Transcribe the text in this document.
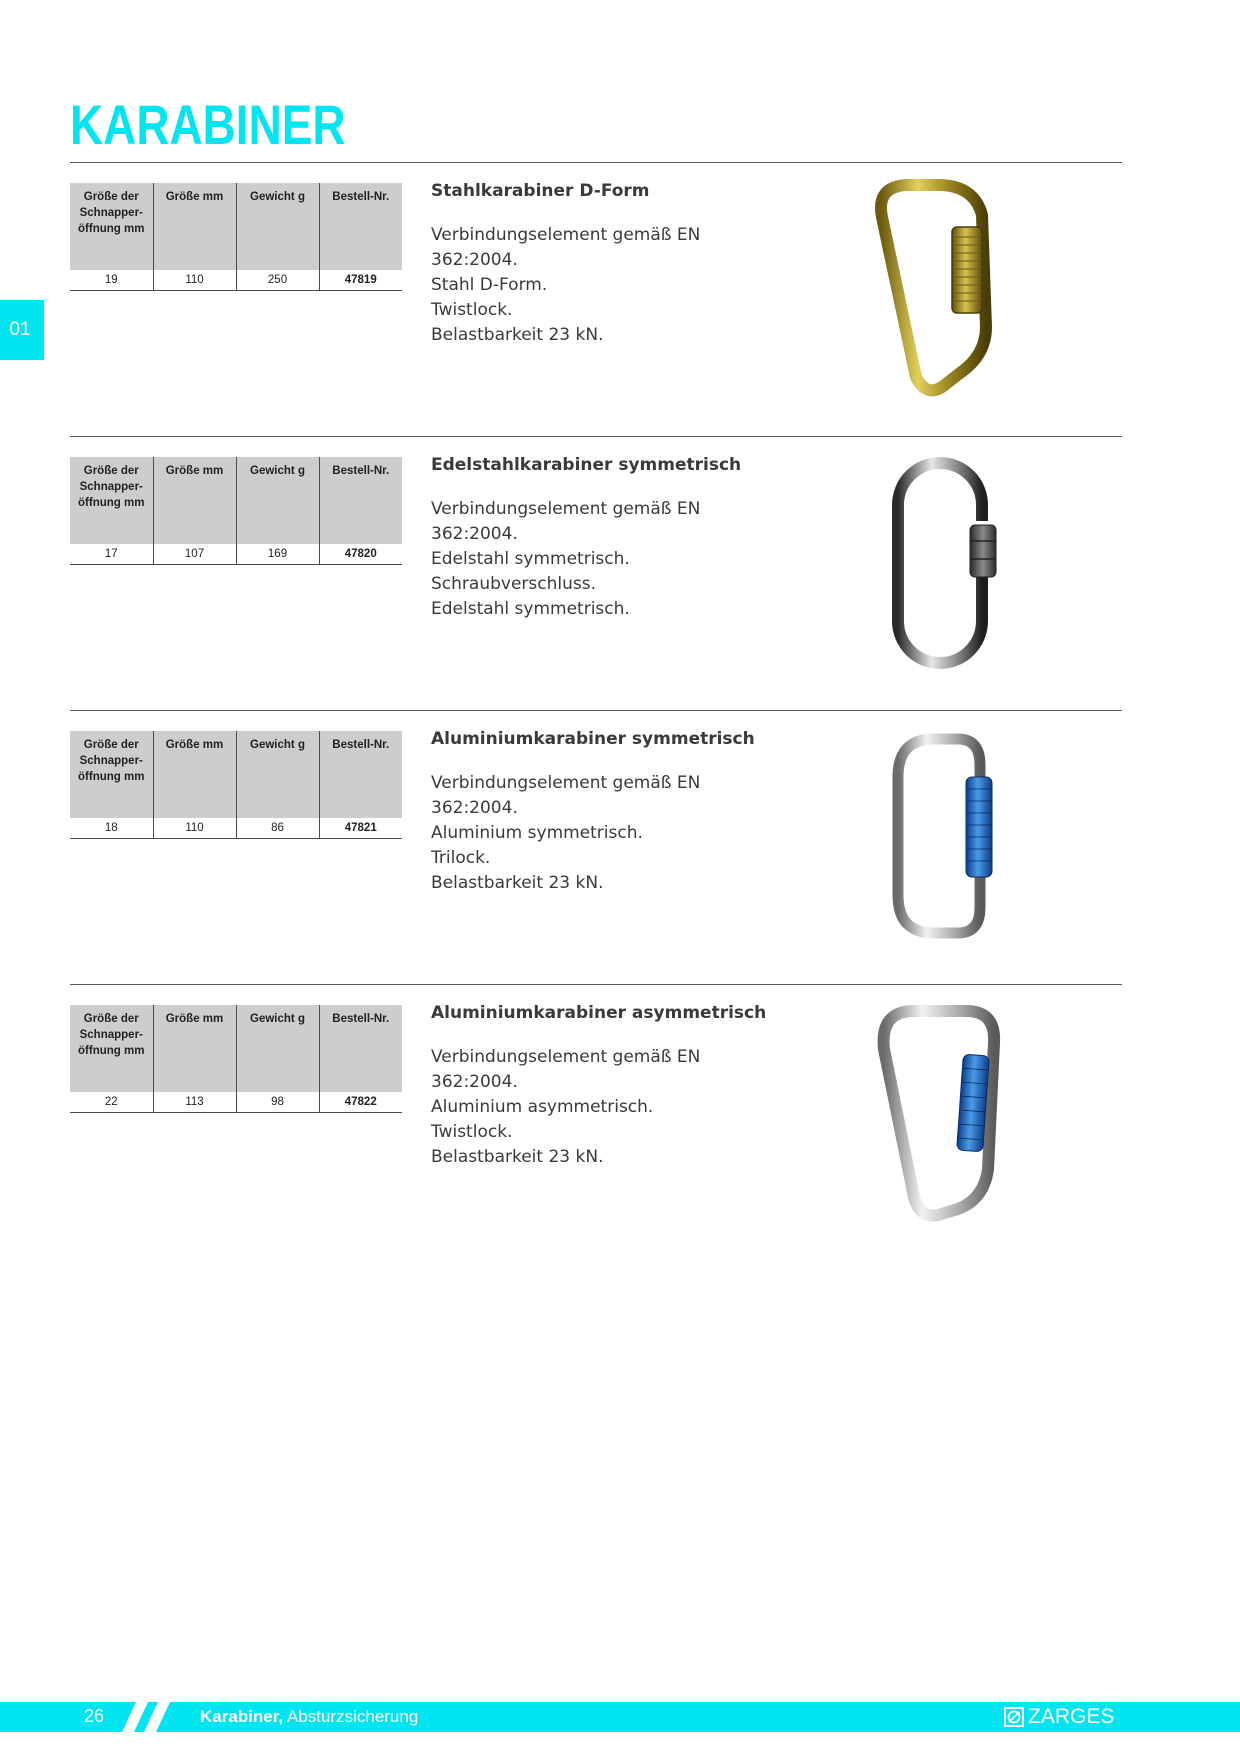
KARABINER
01
Größe der Schnapper-öffnung mm	Größe mm	Gewicht g	Bestell-Nr.
19	110	250	47819
Stahlkarabiner D-Form
Verbindungselement gemäß EN
362:2004.
Stahl D-Form.
Twistlock.
Belastbarkeit 23 kN.
Größe der Schnapper-öffnung mm	Größe mm	Gewicht g	Bestell-Nr.
17	107	169	47820
Edelstahlkarabiner symmetrisch
Verbindungselement gemäß EN
362:2004.
Edelstahl symmetrisch.
Schraubverschluss.
Edelstahl symmetrisch.
Größe der Schnapper-öffnung mm	Größe mm	Gewicht g	Bestell-Nr.
18	110	86	47821
Aluminiumkarabiner symmetrisch
Verbindungselement gemäß EN
362:2004.
Aluminium symmetrisch.
Trilock.
Belastbarkeit 23 kN.
Größe der Schnapper-öffnung mm	Größe mm	Gewicht g	Bestell-Nr.
22	113	98	47822
Aluminiumkarabiner asymmetrisch
Verbindungselement gemäß EN
362:2004.
Aluminium asymmetrisch.
Twistlock.
Belastbarkeit 23 kN.
26	Karabiner, Absturzsicherung	ZARGES
